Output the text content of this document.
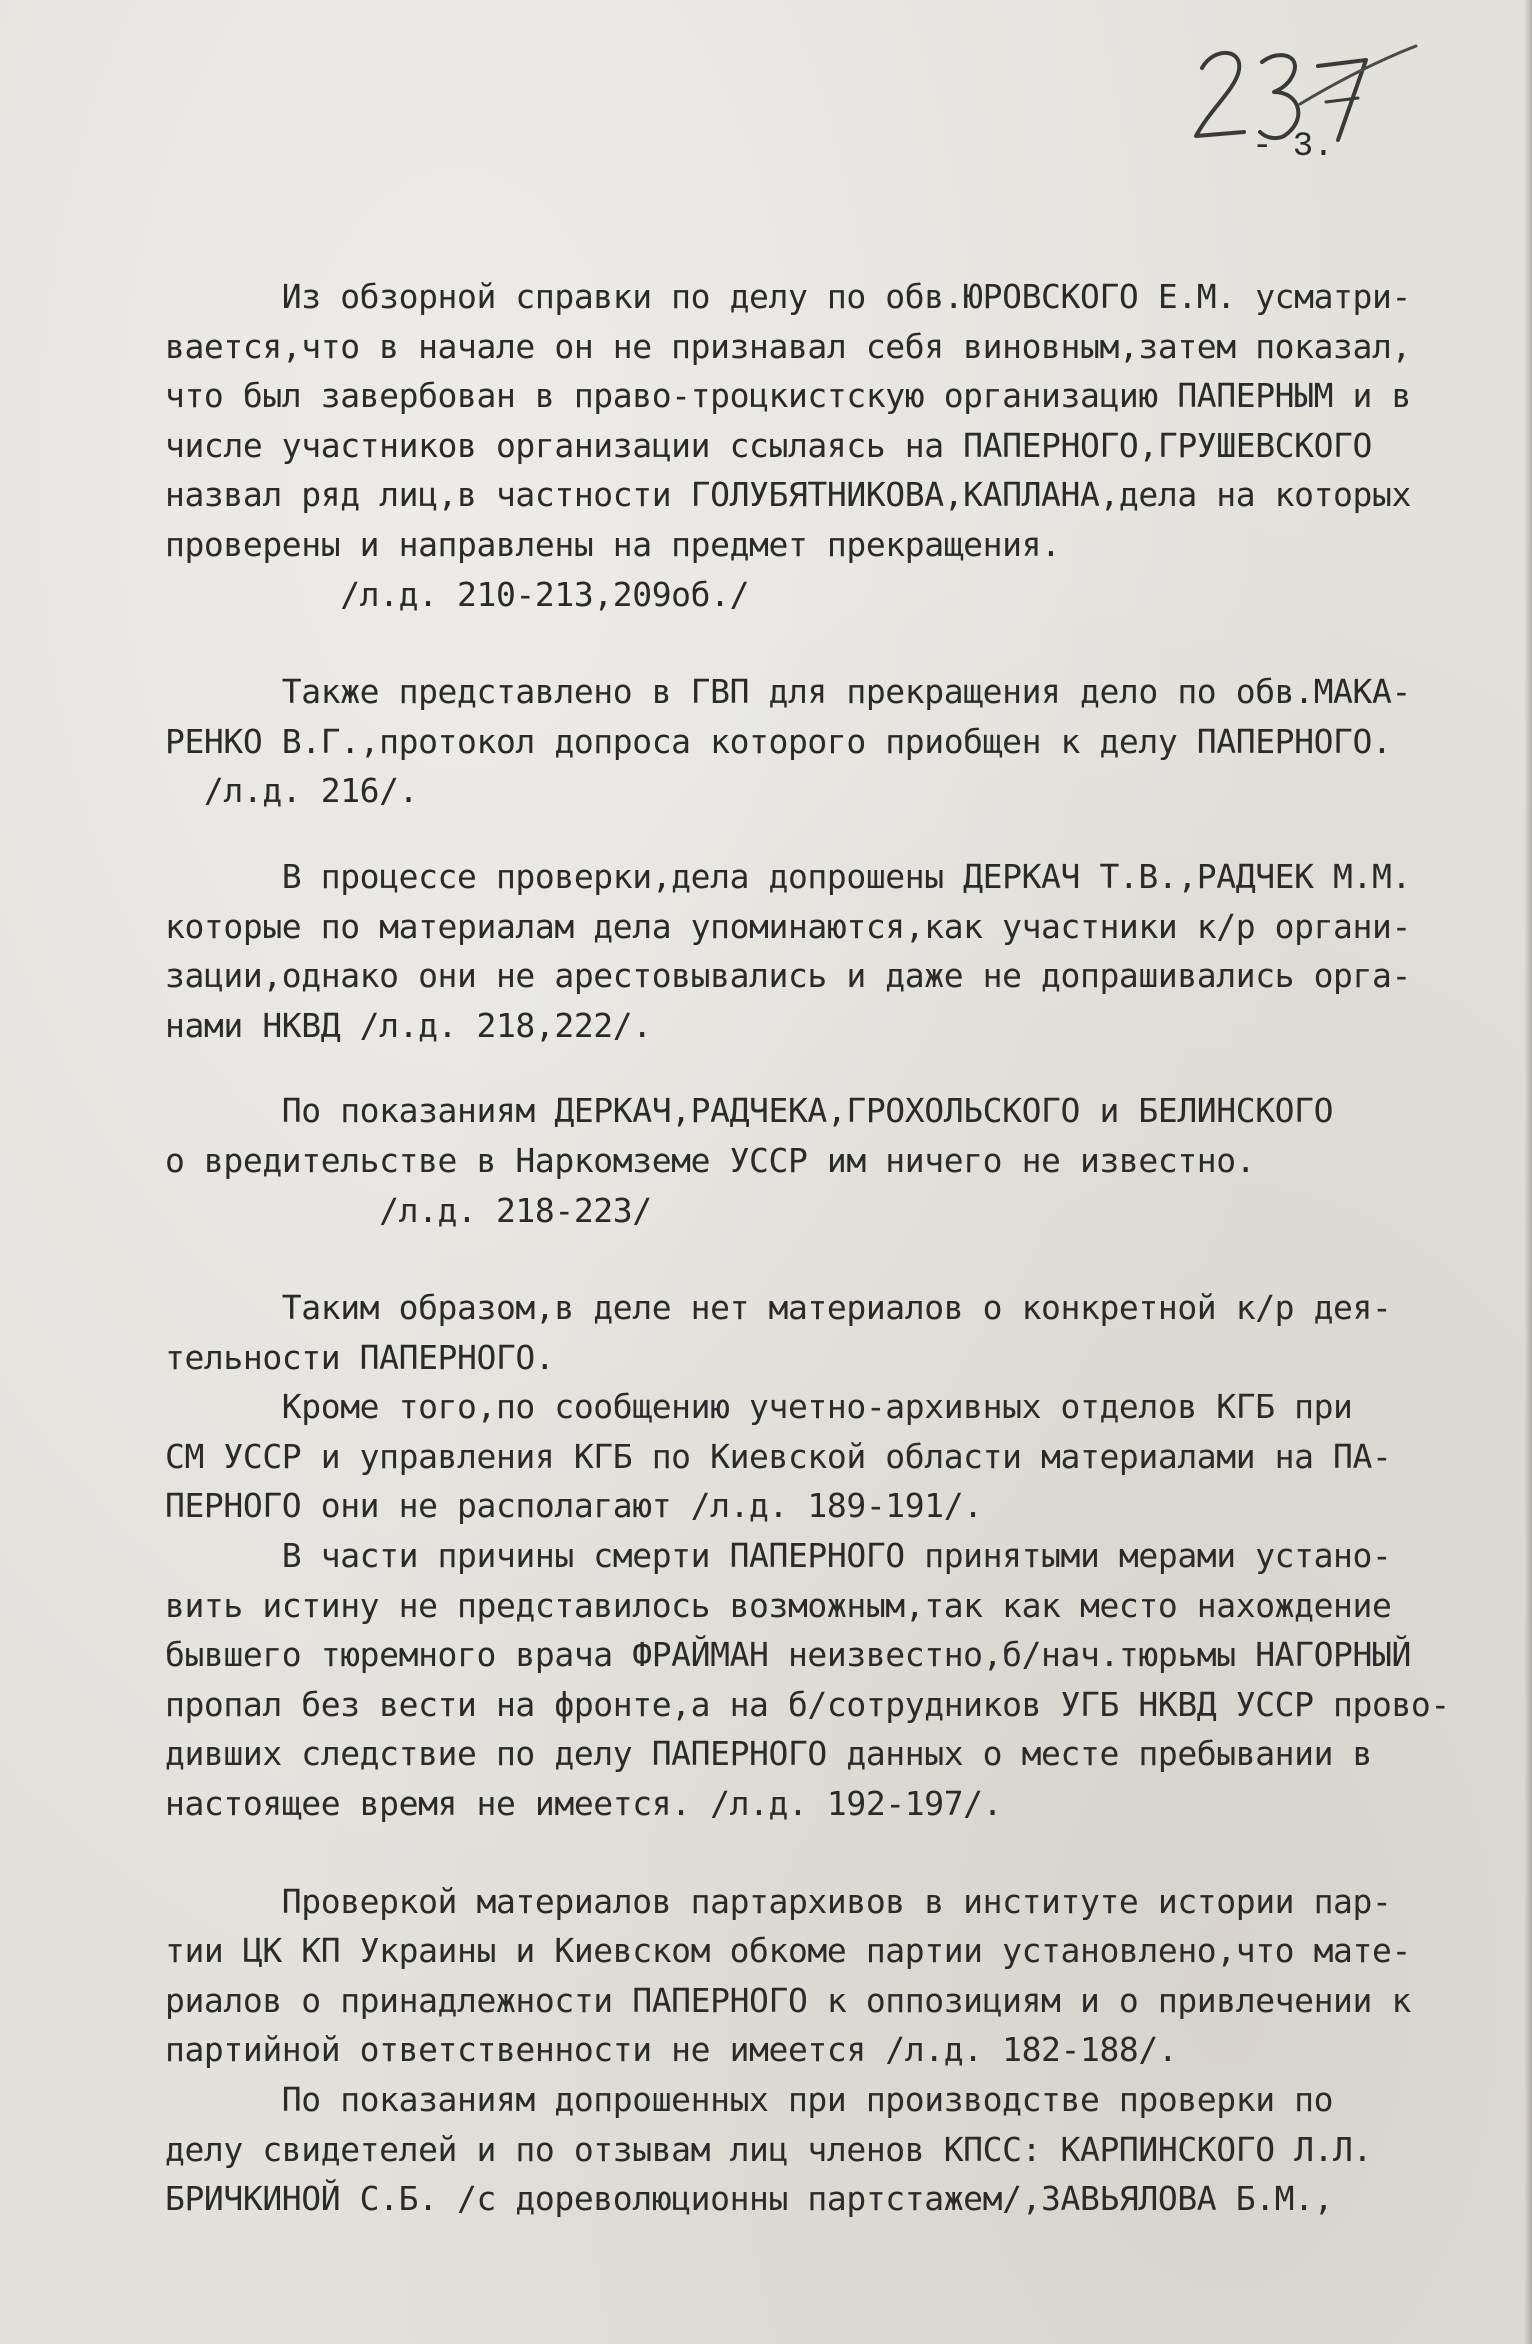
- 3.
Из обзорной справки по делу по обв.ЮРОВСКОГО Е.М. усматри-
вается,что в начале он не признавал себя виновным,затем показал,
что был завербован в право-троцкистскую организацию ПАПЕРНЫМ и в
числе участников организации ссылаясь на ПАПЕРНОГО,ГРУШЕВСКОГО
назвал ряд лиц,в частности ГОЛУБЯТНИКОВА,КАПЛАНА,дела на которых
проверены и направлены на предмет прекращения.
/л.д. 210-213,209об./
Также представлено в ГВП для прекращения дело по обв.МАКА-
РЕНКО В.Г.,протокол допроса которого приобщен к делу ПАПЕРНОГО.
/л.д. 216/.
В процессе проверки,дела допрошены ДЕРКАЧ Т.В.,РАДЧЕК М.М.
которые по материалам дела упоминаются,как участники к/р органи-
зации,однако они не арестовывались и даже не допрашивались орга-
нами НКВД /л.д. 218,222/.
По показаниям ДЕРКАЧ,РАДЧЕКА,ГРОХОЛЬСКОГО и БЕЛИНСКОГО
о вредительстве в Наркомземе УССР им ничего не известно.
/л.д. 218-223/
Таким образом,в деле нет материалов о конкретной к/р дея-
тельности ПАПЕРНОГО.
Кроме того,по сообщению учетно-архивных отделов КГБ при
СМ УССР и управления КГБ по Киевской области материалами на ПА-
ПЕРНОГО они не располагают /л.д. 189-191/.
В части причины смерти ПАПЕРНОГО принятыми мерами устано-
вить истину не представилось возможным,так как место нахождение
бывшего тюремного врача ФРАЙМАН неизвестно,б/нач.тюрьмы НАГОРНЫЙ
пропал без вести на фронте,а на б/сотрудников УГБ НКВД УССР прово-
дивших следствие по делу ПАПЕРНОГО данных о месте пребывании в
настоящее время не имеется. /л.д. 192-197/.
Проверкой материалов партархивов в институте истории пар-
тии ЦК КП Украины и Киевском обкоме партии установлено,что мате-
риалов о принадлежности ПАПЕРНОГО к оппозициям и о привлечении к
партийной ответственности не имеется /л.д. 182-188/.
По показаниям допрошенных при производстве проверки по
делу свидетелей и по отзывам лиц членов КПСС: КАРПИНСКОГО Л.Л.
БРИЧКИНОЙ С.Б. /с дореволюционны партстажем/,ЗАВЬЯЛОВА Б.М.,
